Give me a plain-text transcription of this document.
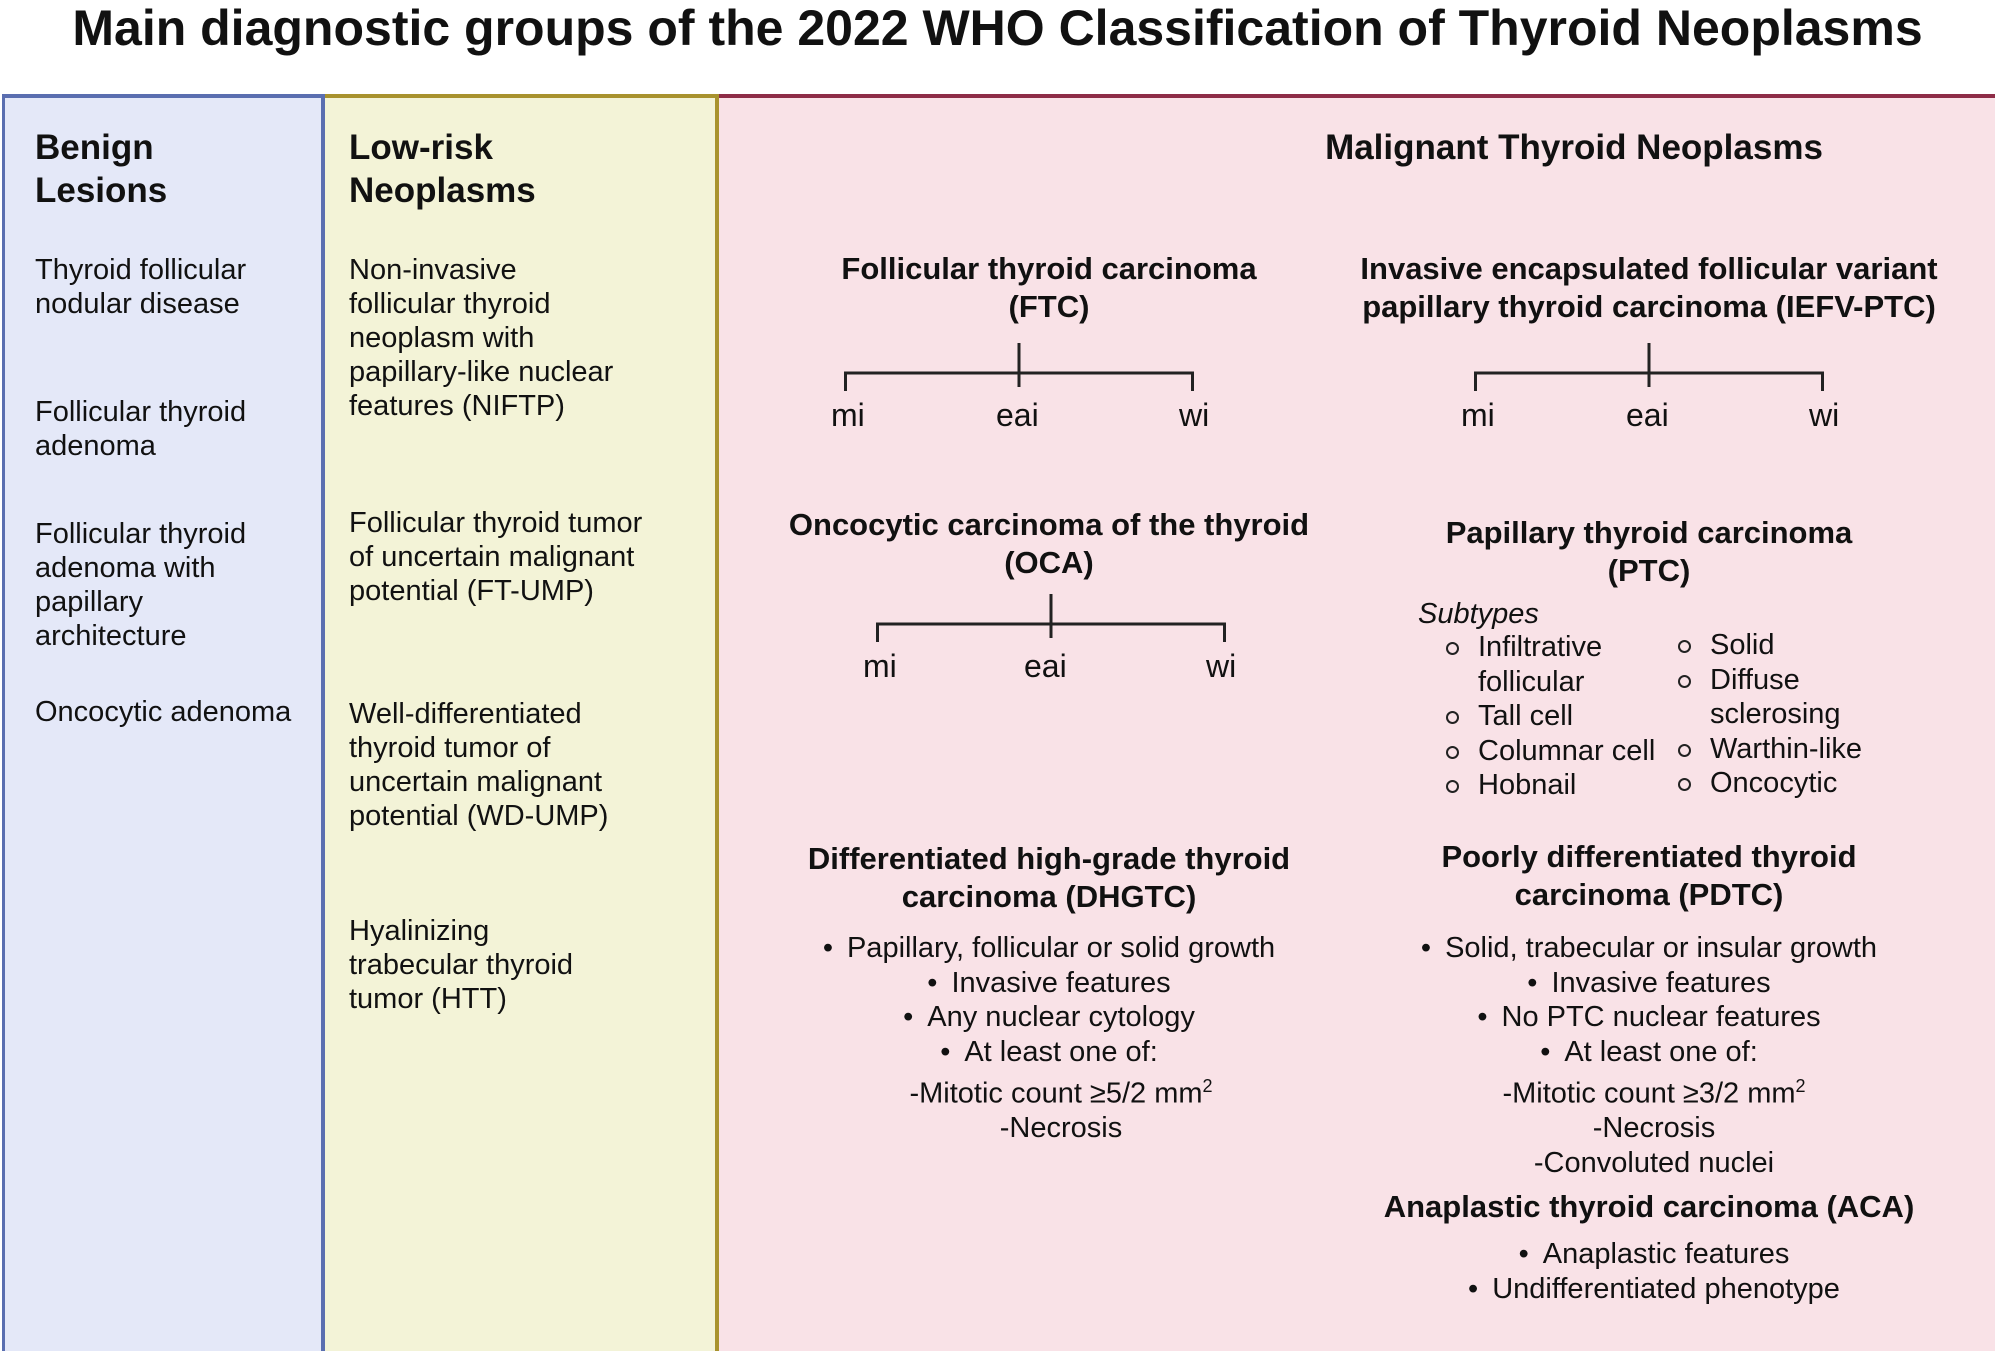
Main diagnostic groups of the 2022 WHO Classification of Thyroid Neoplasms
Benign Lesions
Thyroid follicular nodular disease
Follicular thyroid adenoma
Follicular thyroid adenoma with papillary architecture
Oncocytic adenoma
Low-risk Neoplasms
Non-invasive follicular thyroid neoplasm with papillary-like nuclear features (NIFTP)
Follicular thyroid tumor of uncertain malignant potential (FT-UMP)
Well-differentiated thyroid tumor of uncertain malignant potential (WD-UMP)
Hyalinizing trabecular thyroid tumor (HTT)
Malignant Thyroid Neoplasms
Follicular thyroid carcinoma
(FTC)
mi	eai	wi
Invasive encapsulated follicular variant
papillary thyroid carcinoma (IEFV-PTC)
mi	eai	wi
Oncocytic carcinoma of the thyroid
(OCA)
mi	eai	wi
Papillary thyroid carcinoma
(PTC)
Subtypes
Infiltrative follicular
Tall cell
Columnar cell
Hobnail
Solid
Diffuse sclerosing
Warthin-like
Oncocytic
Differentiated high-grade thyroid
carcinoma (DHGTC)
• Papillary, follicular or solid growth
• Invasive features
• Any nuclear cytology
• At least one of:
-Mitotic count ≥5/2 $mm^2$
-Necrosis
Poorly differentiated thyroid
carcinoma (PDTC)
• Solid, trabecular or insular growth
• Invasive features
• No PTC nuclear features
• At least one of:
-Mitotic count ≥3/2 $mm^2$
-Necrosis
-Convoluted nuclei
Anaplastic thyroid carcinoma (ACA)
• Anaplastic features
• Undifferentiated phenotype
